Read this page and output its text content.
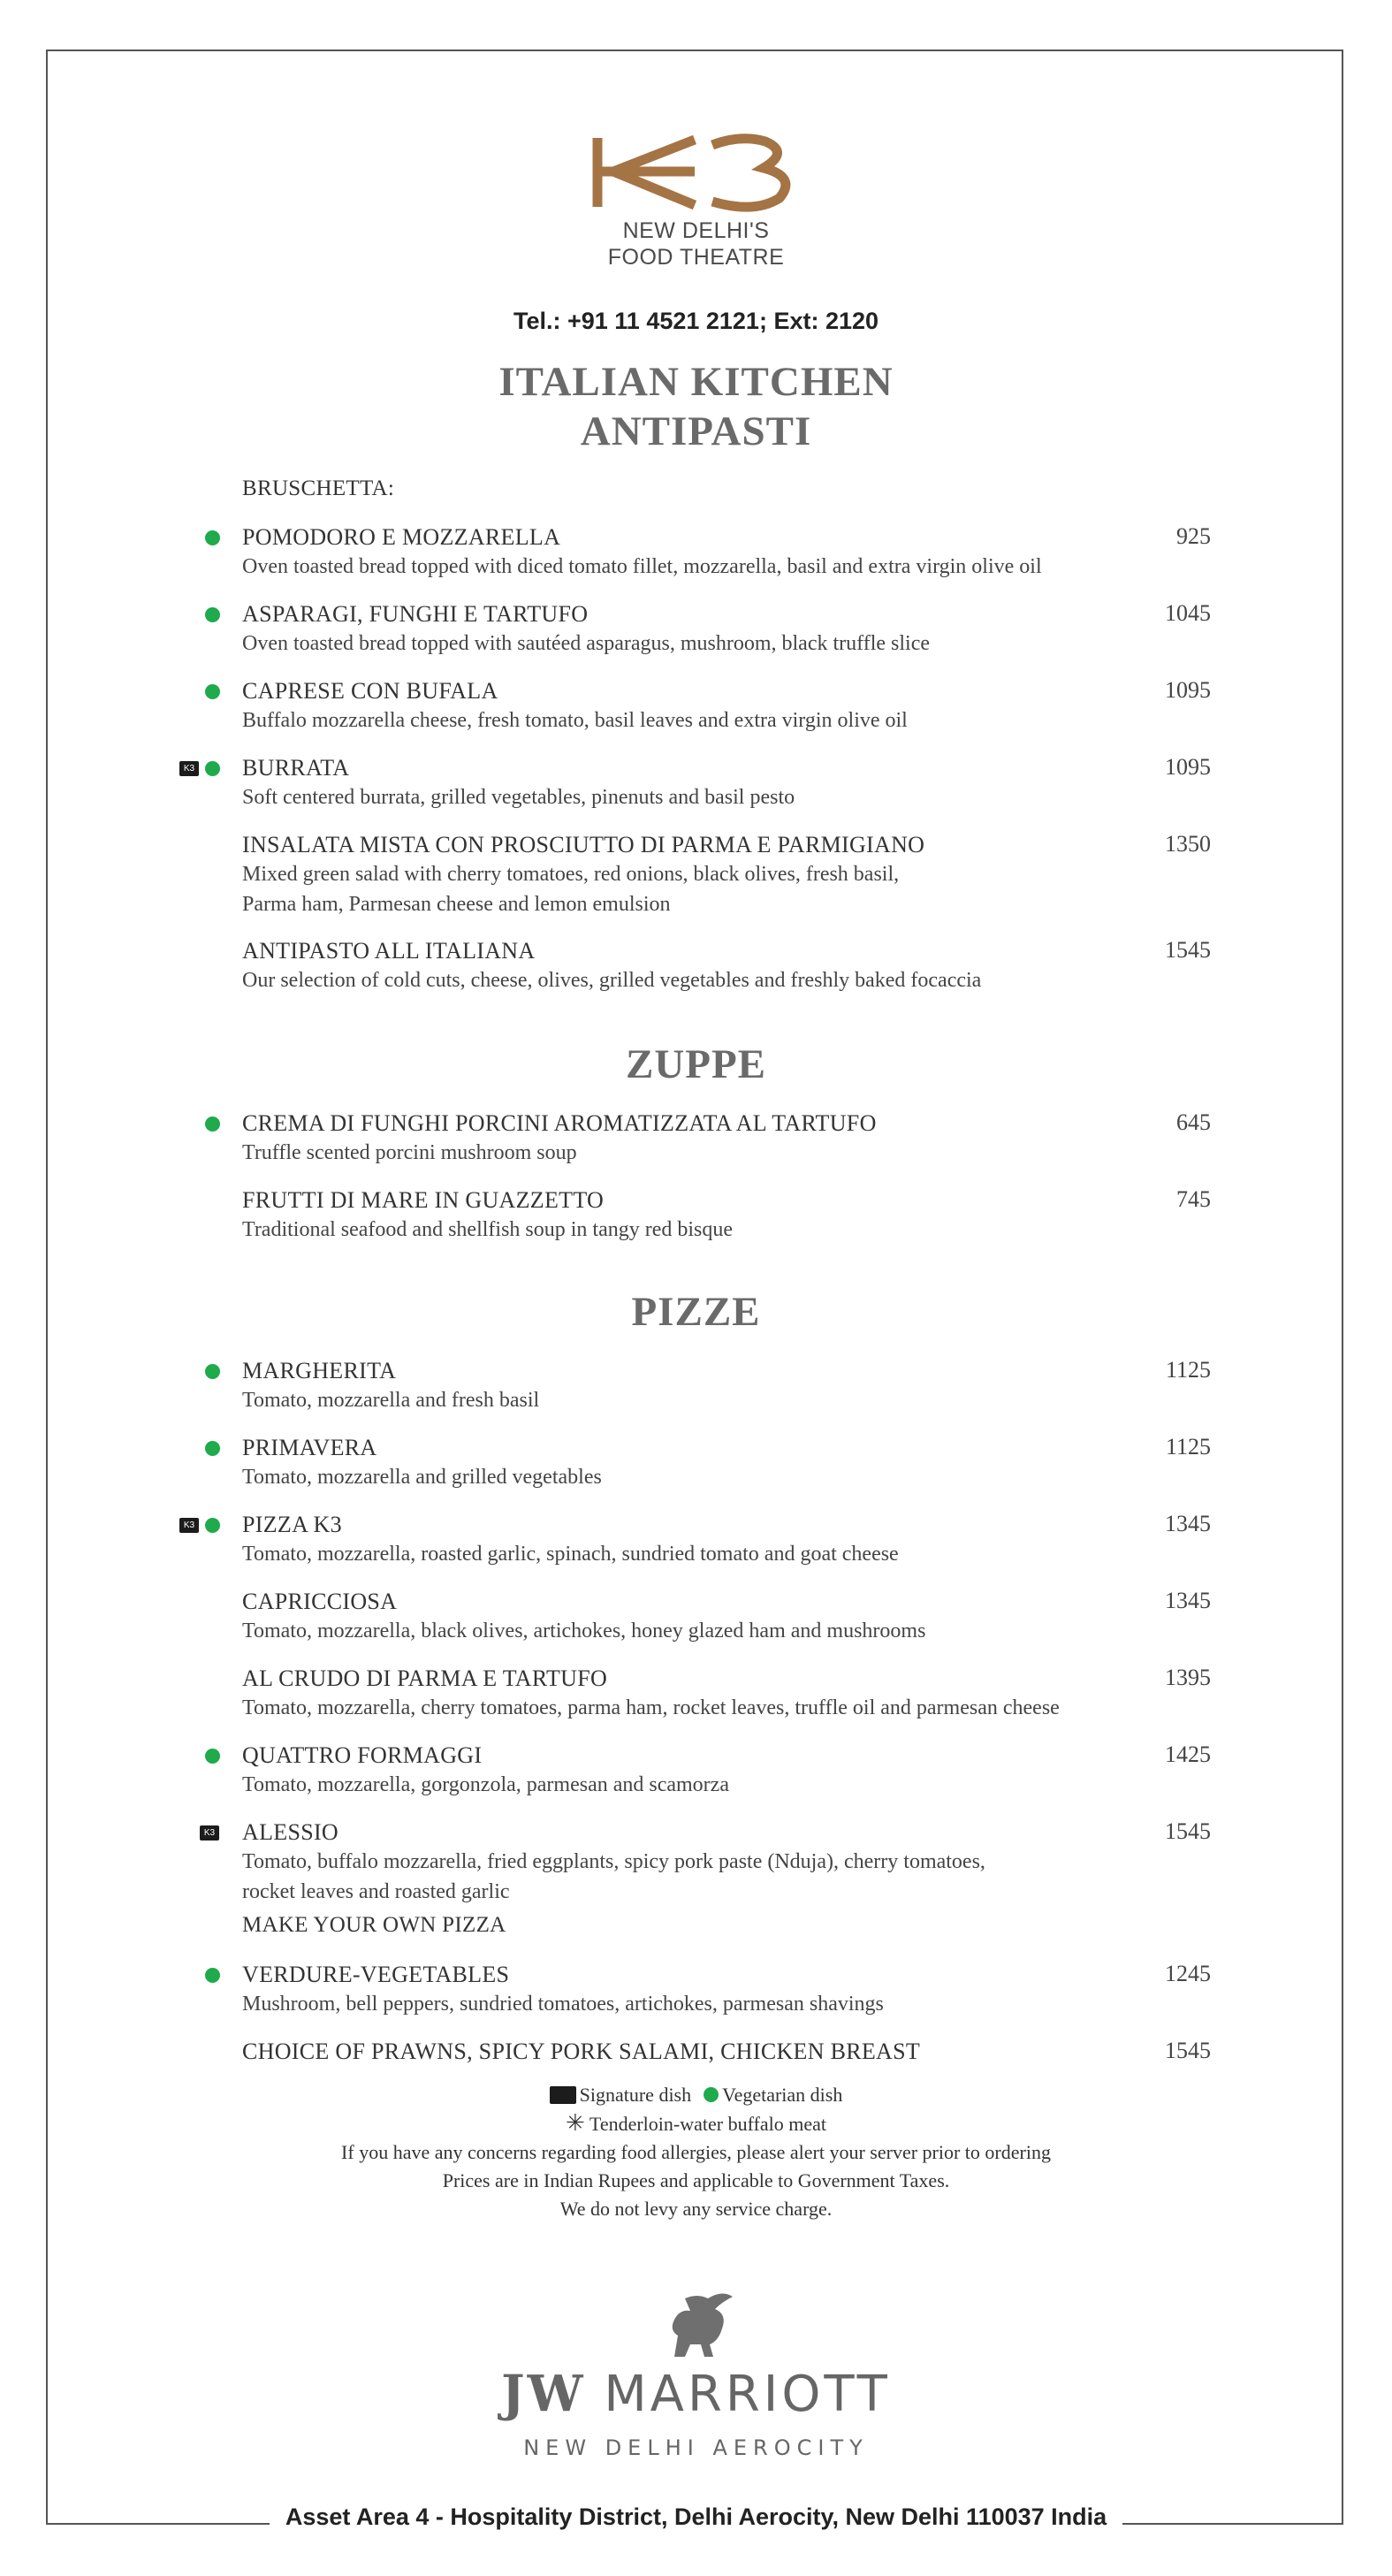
NEW DELHI'S
FOOD THEATRE
Tel.: +91 11 4521 2121; Ext: 2120
ITALIAN KITCHEN
ANTIPASTI
BRUSCHETTA:
POMODORO E MOZZARELLA
Oven toasted bread topped with diced tomato fillet, mozzarella, basil and extra virgin olive oil
925
ASPARAGI, FUNGHI E TARTUFO
Oven toasted bread topped with sautéed asparagus, mushroom, black truffle slice
1045
CAPRESE CON BUFALA
Buffalo mozzarella cheese, fresh tomato, basil leaves and extra virgin olive oil
1095
K3 BURRATA
Soft centered burrata, grilled vegetables, pinenuts and basil pesto
1095
INSALATA MISTA CON PROSCIUTTO DI PARMA E PARMIGIANO
Mixed green salad with cherry tomatoes, red onions, black olives, fresh basil,
Parma ham, Parmesan cheese and lemon emulsion
1350
ANTIPASTO ALL ITALIANA
Our selection of cold cuts, cheese, olives, grilled vegetables and freshly baked focaccia
1545
CREMA DI FUNGHI PORCINI AROMATIZZATA AL TARTUFO
Truffle scented porcini mushroom soup
645
FRUTTI DI MARE IN GUAZZETTO
Traditional seafood and shellfish soup in tangy red bisque
745
MARGHERITA
Tomato, mozzarella and fresh basil
1125
PRIMAVERA
Tomato, mozzarella and grilled vegetables
1125
K3 PIZZA K3
Tomato, mozzarella, roasted garlic, spinach, sundried tomato and goat cheese
1345
CAPRICCIOSA
Tomato, mozzarella, black olives, artichokes, honey glazed ham and mushrooms
1345
AL CRUDO DI PARMA E TARTUFO
Tomato, mozzarella, cherry tomatoes, parma ham, rocket leaves, truffle oil and parmesan cheese
1395
QUATTRO FORMAGGI
Tomato, mozzarella, gorgonzola, parmesan and scamorza
1425
K3 ALESSIO
Tomato, buffalo mozzarella, fried eggplants, spicy pork paste (Nduja), cherry tomatoes,
rocket leaves and roasted garlic
1545
VERDURE-VEGETABLES
Mushroom, bell peppers, sundried tomatoes, artichokes, parmesan shavings
1245
CHOICE OF PRAWNS, SPICY PORK SALAMI, CHICKEN BREAST	1545
ZUPPE
PIZZE
MAKE YOUR OWN PIZZA
Signature dish Vegetarian dish
✳ Tenderloin-water buffalo meat
If you have any concerns regarding food allergies, please alert your server prior to ordering
Prices are in Indian Rupees and applicable to Government Taxes.
We do not levy any service charge.
JW MARRIOTT
NEW DELHI AEROCITY
Asset Area 4 - Hospitality District, Delhi Aerocity, New Delhi 110037 India
